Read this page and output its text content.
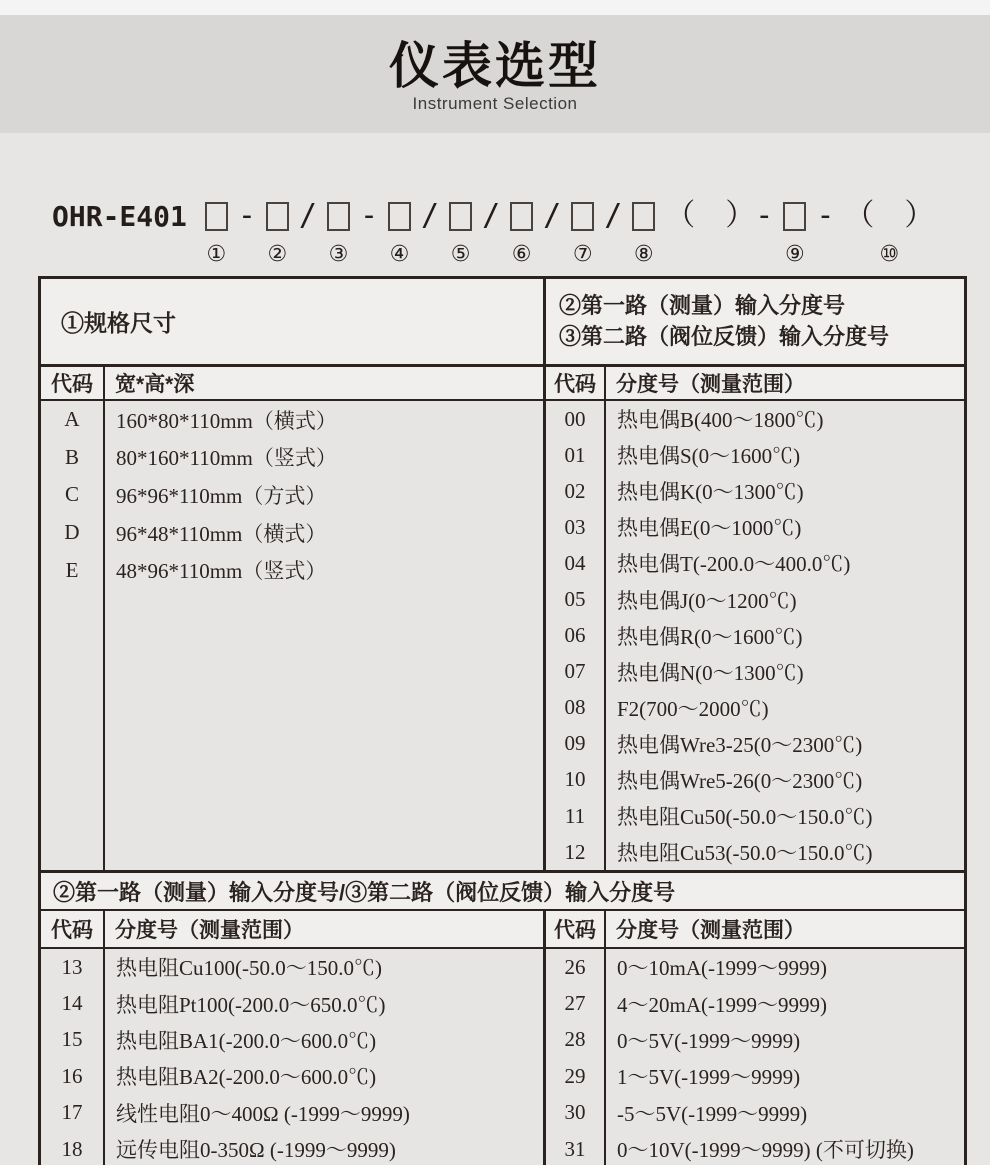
仪表选型
Instrument Selection
OHR-E401
①
-
②
/
③
-
④
/
⑤
/
⑥
/
⑦
/
⑧
（　）-
⑨
- （　）
⑩
①规格尺寸
②第一路（测量）输入分度号
③第二路（阀位反馈）输入分度号
代码	宽*高*深
A	160*80*110mm（横式）
B	80*160*110mm（竖式）
C	96*96*110mm（方式）
D	96*48*110mm（横式）
E	48*96*110mm（竖式）
代码 分度号（测量范围）
00	热电偶B(400～1800℃)
01	热电偶S(0～1600℃)
02	热电偶K(0～1300℃)
03	热电偶E(0～1000℃)
04	热电偶T(-200.0～400.0℃)
05	热电偶J(0～1200℃)
06	热电偶R(0～1600℃)
07	热电偶N(0～1300℃)
08	F2(700～2000℃)
09	热电偶Wre3-25(0～2300℃)
10	热电偶Wre5-26(0～2300℃)
11	热电阻Cu50(-50.0～150.0℃)
12	热电阻Cu53(-50.0～150.0℃)
②第一路（测量）输入分度号/③第二路（阀位反馈）输入分度号
代码	分度号（测量范围）
13	热电阻Cu100(-50.0～150.0℃)
14	热电阻Pt100(-200.0～650.0℃)
15	热电阻BA1(-200.0～600.0℃)
16	热电阻BA2(-200.0～600.0℃)
17	线性电阻0～400Ω (-1999～9999)
18	远传电阻0-350Ω (-1999～9999)
代码 分度号（测量范围）
26	0～10mA(-1999～9999)
27	4～20mA(-1999～9999)
28	0～5V(-1999～9999)
29	1～5V(-1999～9999)
30	-5～5V(-1999～9999)
31	0～10V(-1999～9999) (不可切换)
